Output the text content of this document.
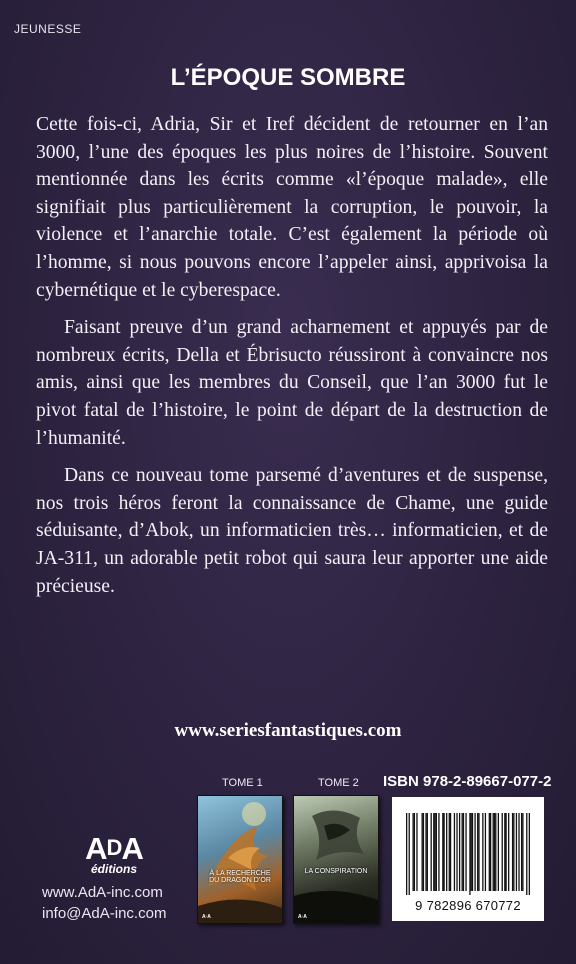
JEUNESSE
L’ÉPOQUE SOMBRE

Cette fois-ci, Adria, Sir et Iref décident de retourner en l’an 3000, l’une des époques les plus noires de l’histoire. Souvent mentionnée dans les écrits comme «l’époque malade», elle signifiait plus particulièrement la corruption, le pouvoir, la violence et l’anarchie totale. C’est également la période où l’homme, si nous pouvons encore l’appeler ainsi, apprivoisa la cybernétique et le cyberespace.

Faisant preuve d’un grand acharnement et appuyés par de nombreux écrits, Della et Ébrisucto réussiront à convaincre nos amis, ainsi que les membres du Conseil, que l’an 3000 fut le pivot fatal de l’histoire, le point de départ de la destruction de l’humanité.

Dans ce nouveau tome parsemé d’aventures et de suspense, nos trois héros feront la connaissance de Chame, une guide séduisante, d’Abok, un informaticien très… informaticien, et de JA-311, un adorable petit robot qui saura leur apporter une aide précieuse.

www.seriesfantastiques.com
ADA
éditions
www.AdA-inc.com
info@AdA-inc.com
TOME 1
À LA RECHERCHE
DU DRAGON D’OR
A·A
TOME 2
LA CONSPIRATION
A·A
ISBN 978-2-89667-077-2
9 782896 670772
